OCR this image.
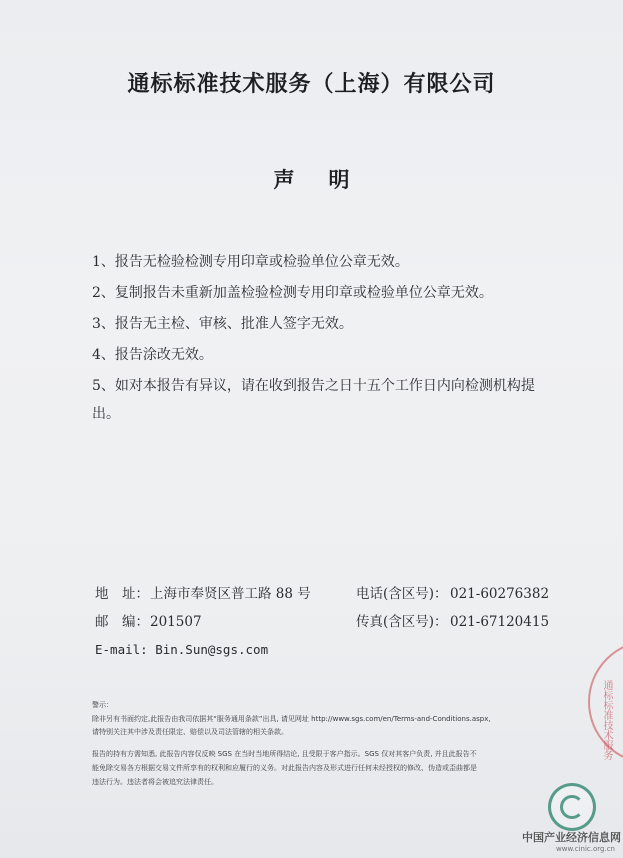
通标标准技术服务（上海）有限公司
声 明
1、报告无检验检测专用印章或检验单位公章无效。
2、复制报告未重新加盖检验检测专用印章或检验单位公章无效。
3、报告无主检、审核、批准人签字无效。
4、报告涂改无效。
5、如对本报告有异议，请在收到报告之日十五个工作日内向检测机构提
出。
地　址： 上海市奉贤区普工路 88 号	电话(含区号)： 021-60276382
邮　编： 201507	传真(含区号)： 021-67120415
E-mail: Bin.Sun@sgs.com
警示：
除非另有书面约定,此报告由我司依据其“服务通用条款”出具, 请见网址 http://www.sgs.com/en/Terms-and-Conditions.aspx,
请特别关注其中涉及责任限定、赔偿以及司法管辖的相关条款。
报告的持有方需知悉, 此报告内容仅反映 SGS 在当时当地所得结论, 且受限于客户指示。SGS 仅对其客户负责, 并且此报告不
能免除交易各方根据交易文件所享有的权利和应履行的义务。对此报告内容及形式进行任何未经授权的修改、伪造或歪曲都是
违法行为。违法者将会被追究法律责任。
通标标准技术服务
中国产业经济信息网
www.cinic.org.cn
